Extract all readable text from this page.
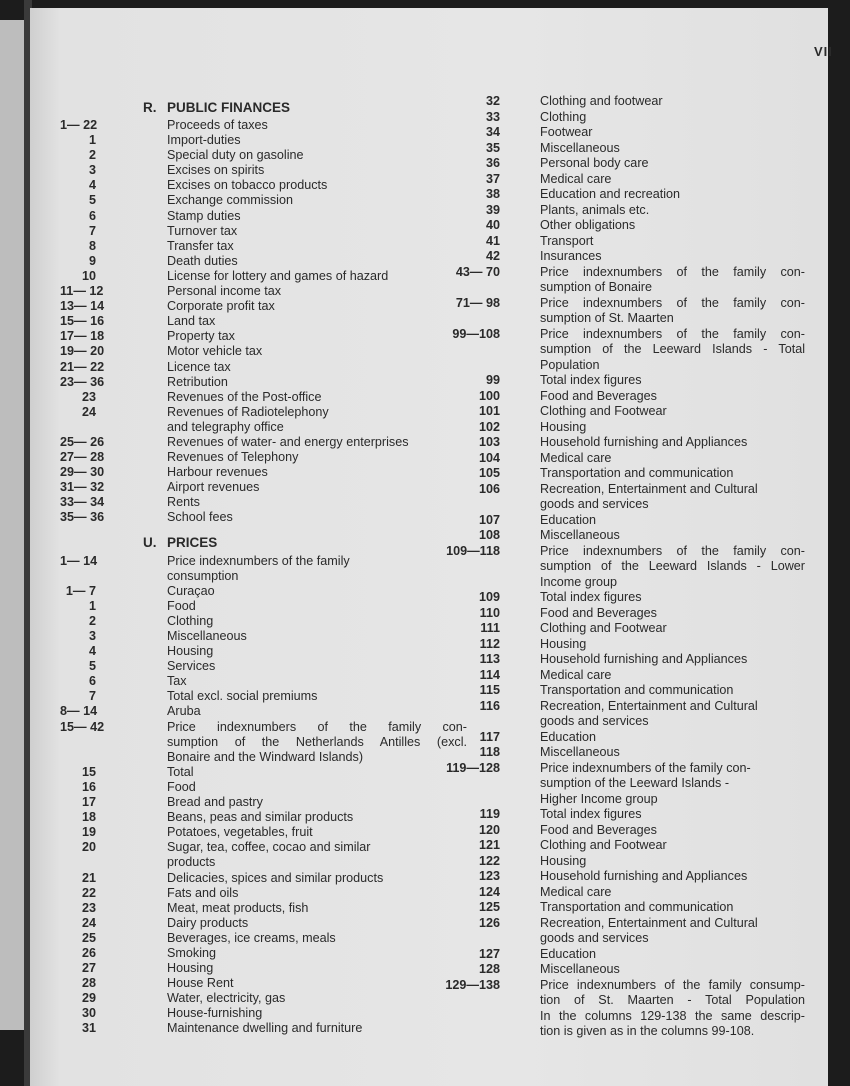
VII
R. PUBLIC FINANCES
1— 22	Proceeds of taxes
1	Import-duties
2	Special duty on gasoline
3	Excises on spirits
4	Excises on tobacco products
5	Exchange commission
6	Stamp duties
7	Turnover tax
8	Transfer tax
9	Death duties
10	License for lottery and games of hazard
11— 12	Personal income tax
13— 14	Corporate profit tax
15— 16	Land tax
17— 18	Property tax
19— 20	Motor vehicle tax
21— 22	Licence tax
23— 36	Retribution
23	Revenues of the Post-office
24	Revenues of Radiotelephony
and telegraphy office
25— 26	Revenues of water- and energy enterprises
27— 28	Revenues of Telephony
29— 30	Harbour revenues
31— 32	Airport revenues
33— 34	Rents
35— 36	School fees
U. PRICES
1— 14	Price indexnumbers of the family
consumption
1— 7	Curaçao
1	Food
2	Clothing
3	Miscellaneous
4	Housing
5	Services
6	Tax
7	Total excl. social premiums
8— 14	Aruba
15— 42	Price indexnumbers of the family con-
sumption of the Netherlands Antilles (excl.
Bonaire and the Windward Islands)
15	Total
16	Food
17	Bread and pastry
18	Beans, peas and similar products
19	Potatoes, vegetables, fruit
20	Sugar, tea, coffee, cocao and similar
products
21	Delicacies, spices and similar products
22	Fats and oils
23	Meat, meat products, fish
24	Dairy products
25	Beverages, ice creams, meals
26	Smoking
27	Housing
28	House Rent
29	Water, electricity, gas
30	House-furnishing
31	Maintenance dwelling and furniture
32	Clothing and footwear
33	Clothing
34	Footwear
35	Miscellaneous
36	Personal body care
37	Medical care
38	Education and recreation
39	Plants, animals etc.
40	Other obligations
41	Transport
42	Insurances
43— 70	Price indexnumbers of the family con-
sumption of Bonaire
71— 98	Price indexnumbers of the family con-
sumption of St. Maarten
99—108	Price indexnumbers of the family con-
sumption of the Leeward Islands - Total
Population
99	Total index figures
100	Food and Beverages
101	Clothing and Footwear
102	Housing
103	Household furnishing and Appliances
104	Medical care
105	Transportation and communication
106	Recreation, Entertainment and Cultural
goods and services
107	Education
108	Miscellaneous
109—118	Price indexnumbers of the family con-
sumption of the Leeward Islands - Lower
Income group
109	Total index figures
110	Food and Beverages
111	Clothing and Footwear
112	Housing
113	Household furnishing and Appliances
114	Medical care
115	Transportation and communication
116	Recreation, Entertainment and Cultural
goods and services
117	Education
118	Miscellaneous
119—128	Price indexnumbers of the family con-
sumption of the Leeward Islands -
Higher Income group
119	Total index figures
120	Food and Beverages
121	Clothing and Footwear
122	Housing
123	Household furnishing and Appliances
124	Medical care
125	Transportation and communication
126	Recreation, Entertainment and Cultural
goods and services
127	Education
128	Miscellaneous
129—138	Price indexnumbers of the family consump-
tion of St. Maarten - Total Population
In the columns 129-138 the same descrip-
tion is given as in the columns 99-108.
